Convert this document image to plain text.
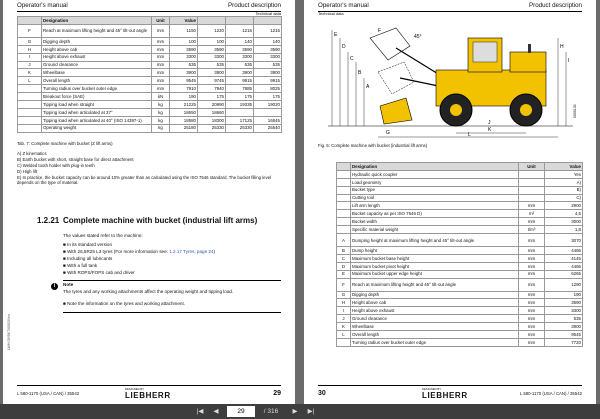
Operator's manual	Product description
Technical data
	Designation	Unit	Value			
F	Reach at maximum lifting height and 45° tilt-out angle	mm	1150	1220	1215	1215
G	Digging depth	mm	100	100	140	140
H	Height above cab	mm	3590	3590	3590	3590
I	Height above exhaust	mm	3300	3300	3300	3300
J	Ground clearance	mm	535	535	535	535
K	Wheelbase	mm	3900	3900	3900	3900
L	Overall length	mm	9545	9745	9915	9915
	Turning radius over bucket outer edge	mm	7910	7940	7885	8025
	Breakout force (SAE)	kN	190	175	175	175
	Tipping load when straight	kg	21225	20990	19335	19020
	Tipping load when articulated at 37°	kg	18650	18660		
	Tipping load when articulated at 40° (ISO 14397-1)	kg	18580	18300	17125	16845
	Operating weight	kg	25180	25330	25330	25540
Tab. 7: Complete machine with bucket (Z lift arms)
A) Z kinematics
B) Earth bucket with short, straight base for direct attachment
C) Welded tooth holder with plug-in teeth
D) High lift
E) In practice, the bucket capacity can be around 10% greater than as calculated using the ISO 7546 standard. The bucket filling level depends on the type of material.
1.2.21 Complete machine with bucket (industrial lift arms)
The values stated refer to the machine:
■ In its standard version
■ With 26,5R25 L3 tyres (For more information see: 1.2.17 Tyres, page 24)
■ Including all lubricants
■ With a full tank
■ With ROPS/FOPS cab and driver
i	Note
The tyres and any working attachments affect the operating weight and tipping load.
■ Note the information on the tyres and working attachment.
LWH 09/98/7/60620/en
L 580-1170 (USA / CAN) / 35542
DESIGNED BY
LIEBHERR	29
Operator's manual	Product description
Technical data
E
D
C
B
A
F
G
H
I
J
K
L
45°
0000134
Fig. 5: Complete machine with bucket (industrial lift arms)
	Designation	Unit	Value
	Hydraulic quick coupler		Yes
	Load geometry		A)
	Bucket type		B)
	Cutting tool		C)
	Lift arm length	mm	2900
	Bucket capacity as per ISO 7546 D)	m³	4,5
	Bucket width	mm	3000
	Specific material weight	t/m³	1,8
A	Dumping height at maximum lifting height and 45° tilt-out angle	mm	3070
B	Dump height	mm	4466
C	Maximum bucket base height	mm	4145
D	Maximum bucket pivot height	mm	4466
E	Maximum bucket upper edge height	mm	6265
F	Reach at maximum lifting height and 45° tilt-out angle	mm	1290
G	Digging depth	mm	190
H	Height above cab	mm	3590
I	Height above exhaust	mm	3300
J	Ground clearance	mm	535
K	Wheelbase	mm	3900
L	Overall length	mm	9545
	Turning radius over bucket outer edge	mm	7720
30
DESIGNED BY
LIEBHERR	L 580-1170 (USA / CAN) / 35542
|◀	◀
29	/ 316	▶	▶|
